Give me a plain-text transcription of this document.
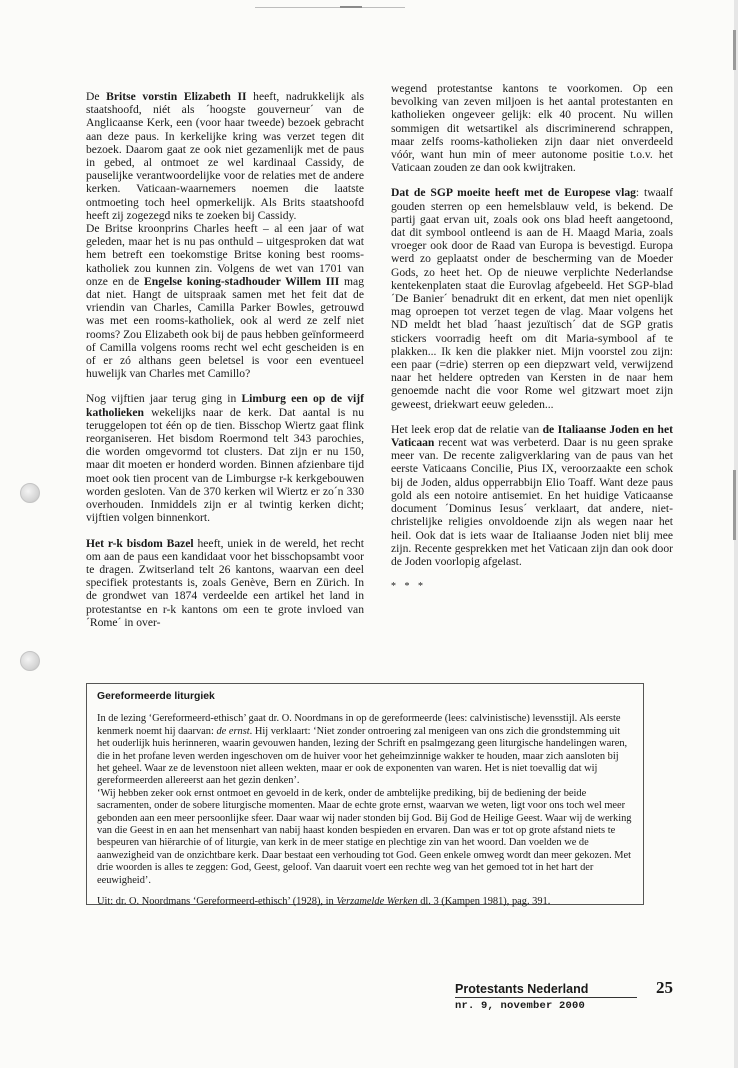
De Britse vorstin Elizabeth II heeft, nadrukkelijk als staatshoofd, niét als ´hoogste gouverneur´ van de Anglicaanse Kerk, een (voor haar tweede) bezoek gebracht aan deze paus. In kerkelijke kring was verzet tegen dit bezoek. Daarom gaat ze ook niet gezamenlijk met de paus in gebed, al ontmoet ze wel kardinaal Cassidy, de pauselijke verantwoordelijke voor de relaties met de andere kerken. Vaticaan-waarnemers noemen die laatste ontmoeting toch heel opmerkelijk. Als Brits staatshoofd heeft zij zogezegd niks te zoeken bij Cassidy.

De Britse kroonprins Charles heeft – al een jaar of wat geleden, maar het is nu pas onthuld – uitgesproken dat wat hem betreft een toekomstige Britse koning best rooms-katholiek zou kunnen zin. Volgens de wet van 1701 van onze en de Engelse koning-stadhouder Willem III mag dat niet. Hangt de uitspraak samen met het feit dat de vriendin van Charles, Camilla Parker Bowles, getrouwd was met een rooms-katholiek, ook al werd ze zelf niet rooms? Zou Elizabeth ook bij de paus hebben geïnformeerd of Camilla volgens rooms recht wel echt gescheiden is en of er zó althans geen beletsel is voor een eventueel huwelijk van Charles met Camillo?

Nog vijftien jaar terug ging in Limburg een op de vijf katholieken wekelijks naar de kerk. Dat aantal is nu teruggelopen tot één op de tien. Bisschop Wiertz gaat flink reorganiseren. Het bisdom Roermond telt 343 parochies, die worden omgevormd tot clusters. Dat zijn er nu 150, maar dit moeten er honderd worden. Binnen afzienbare tijd moet ook tien procent van de Limburgse r-k kerkgebouwen worden gesloten. Van de 370 kerken wil Wiertz er zo´n 330 overhouden. Inmiddels zijn er al twintig kerken dicht; vijftien volgen binnenkort.

Het r-k bisdom Bazel heeft, uniek in de wereld, het recht om aan de paus een kandidaat voor het bisschopsambt voor te dragen. Zwitserland telt 26 kantons, waarvan een deel specifiek protestants is, zoals Genève, Bern en Zürich. In de grondwet van 1874 verdeelde een artikel het land in protestantse en r-k kantons om een te grote invloed van ´Rome´ in over-

wegend protestantse kantons te voorkomen. Op een bevolking van zeven miljoen is het aantal protestanten en katholieken ongeveer gelijk: elk 40 procent. Nu willen sommigen dit wetsartikel als discriminerend schrappen, maar zelfs rooms-katholieken zijn daar niet onverdeeld vóór, want hun min of meer autonome positie t.o.v. het Vaticaan zouden ze dan ook kwijtraken.

Dat de SGP moeite heeft met de Europese vlag: twaalf gouden sterren op een hemelsblauw veld, is bekend. De partij gaat ervan uit, zoals ook ons blad heeft aangetoond, dat dit symbool ontleend is aan de H. Maagd Maria, zoals vroeger ook door de Raad van Europa is bevestigd. Europa werd zo geplaatst onder de bescherming van de Moeder Gods, zo heet het. Op de nieuwe verplichte Nederlandse kentekenplaten staat die Eurovlag afgebeeld. Het SGP-blad ´De Banier´ benadrukt dit en erkent, dat men niet openlijk mag oproepen tot verzet tegen de vlag. Maar volgens het ND meldt het blad ´haast jezuïtisch´ dat de SGP gratis stickers voorradig heeft om dit Maria-symbool af te plakken... Ik ken die plakker niet. Mijn voorstel zou zijn: een paar (=drie) sterren op een diepzwart veld, verwijzend naar het heldere optreden van Kersten in de naar hem genoemde nacht die voor Rome wel gitzwart moet zijn geweest, driekwart eeuw geleden...

Het leek erop dat de relatie van de Italiaanse Joden en het Vaticaan recent wat was verbeterd. Daar is nu geen sprake meer van. De recente zaligverklaring van de paus van het eerste Vaticaans Concilie, Pius IX, veroorzaakte een schok bij de Joden, aldus opperrabbijn Elio Toaff. Want deze paus gold als een notoire antisemiet. En het huidige Vaticaanse document ´Dominus Iesus´ verklaart, dat andere, niet-christelijke religies onvoldoende zijn als wegen naar het heil. Ook dat is iets waar de Italiaanse Joden niet blij mee zijn. Recente gesprekken met het Vaticaan zijn dan ook door de Joden voorlopig afgelast.

* * *

Gereformeerde liturgiek

In de lezing ‘Gereformeerd-ethisch’ gaat dr. O. Noordmans in op de gereformeerde (lees: calvinistische) levensstijl. Als eerste kenmerk noemt hij daarvan: de ernst. Hij verklaart: ‘Niet zonder ontroering zal menigeen van ons zich die grondstemming uit het ouderlijk huis herinneren, waarin gevouwen handen, lezing der Schrift en psalmgezang geen liturgische handelingen waren, die in het profane leven werden ingeschoven om de huiver voor het geheimzinnige wakker te houden, maar zich aansloten bij het geheel. Waar ze de levenstoon niet alleen wekten, maar er ook de exponenten van waren. Het is niet toevallig dat wij gereformeerden allereerst aan het gezin denken’.

‘Wij hebben zeker ook ernst ontmoet en gevoeld in de kerk, onder de ambtelijke prediking, bij de bediening der beide sacramenten, onder de sobere liturgische momenten. Maar de echte grote ernst, waarvan we weten, ligt voor ons toch wel meer gebonden aan een meer persoonlijke sfeer. Daar waar wij nader stonden bij God. Bij God de Heilige Geest. Waar wij de werking van die Geest in en aan het mensenhart van nabij haast konden bespieden en ervaren. Dan was er tot op grote afstand niets te bespeuren van hiërarchie of of liturgie, van kerk in de meer statige en plechtige zin van het woord. Dan voelden we de aanwezigheid van de onzichtbare kerk. Daar bestaat een verhouding tot God. Geen enkele omweg wordt dan meer gekozen. Met drie woorden is alles te zeggen: God, Geest, geloof. Van daaruit voert een rechte weg van het gemoed tot in het hart der eeuwigheid’.

Uit: dr. O. Noordmans ‘Gereformeerd-ethisch’ (1928), in Verzamelde Werken dl. 3 (Kampen 1981), pag. 391.

Protestants Nederland
nr. 9, november 2000
25
